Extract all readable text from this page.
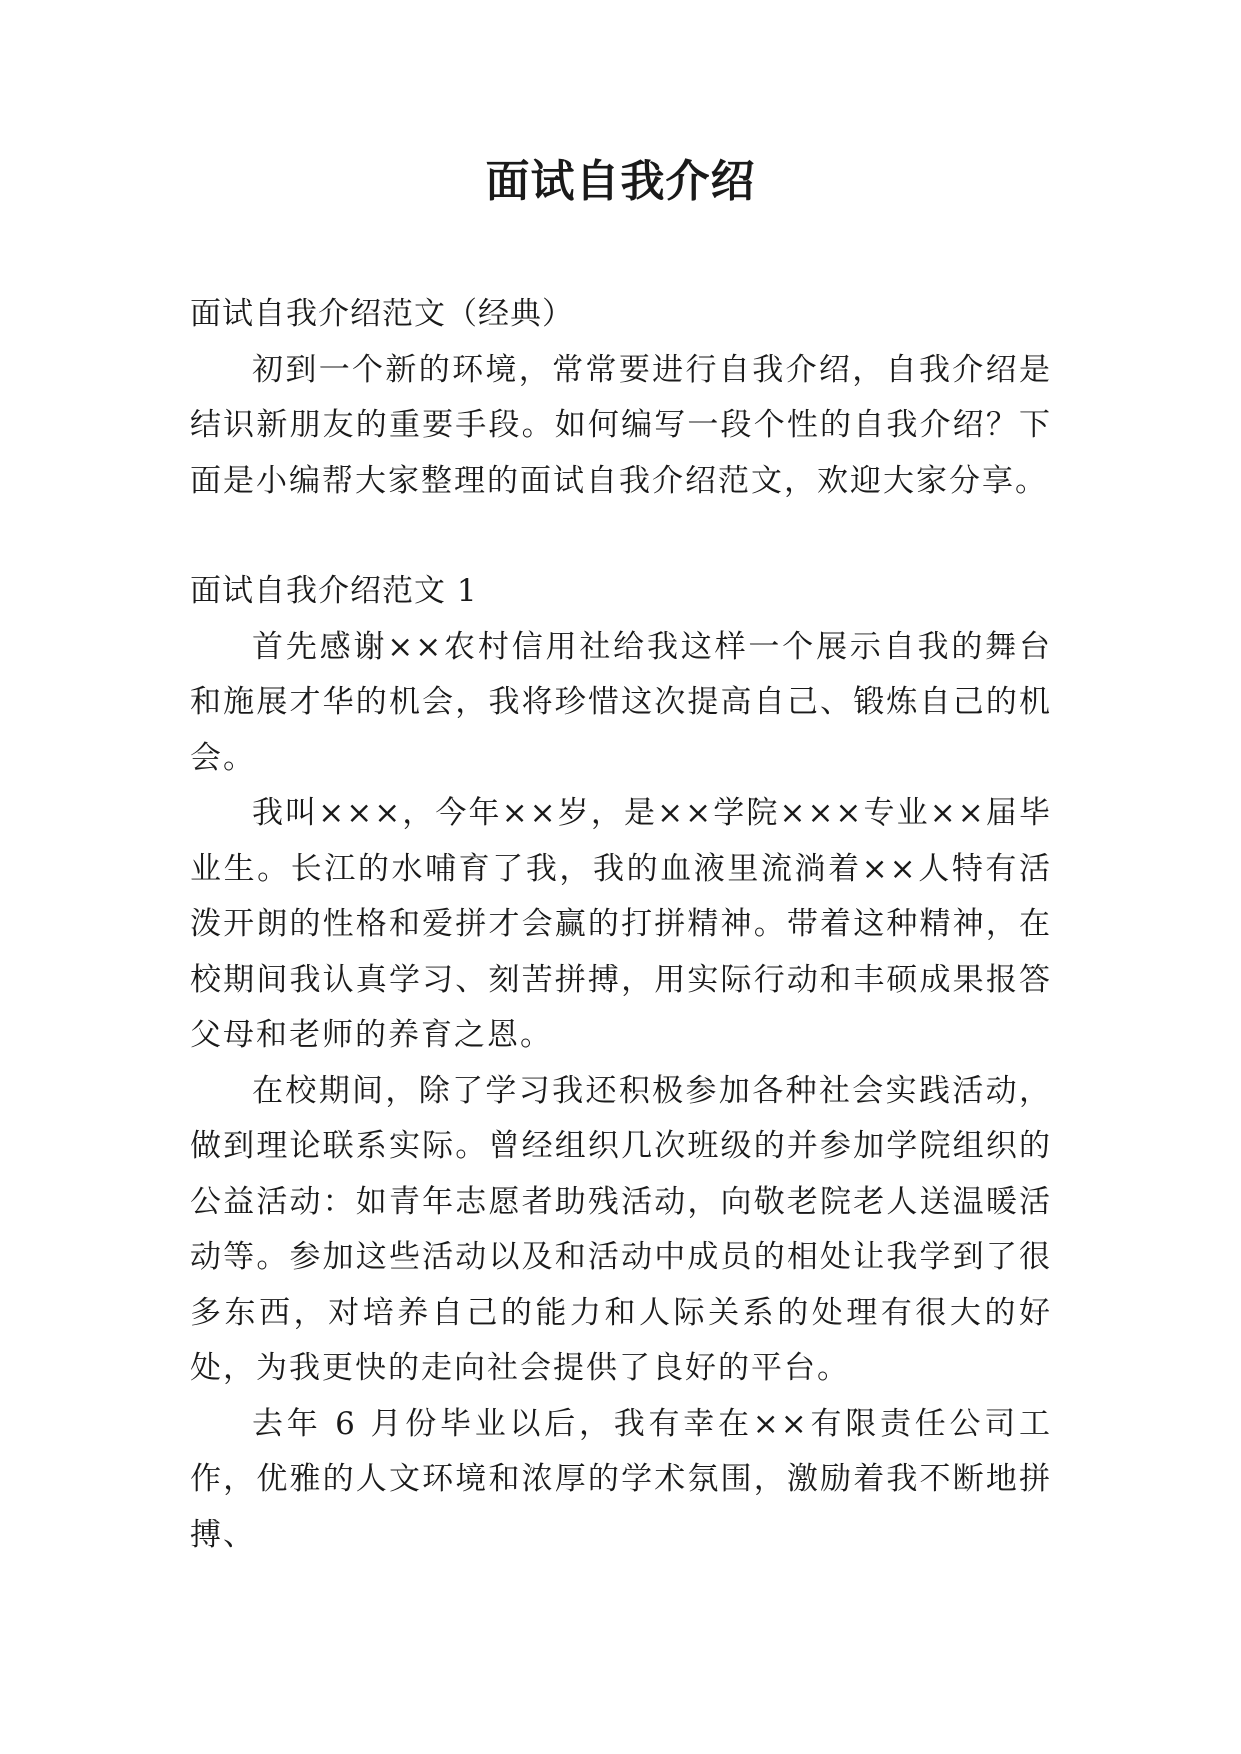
面试自我介绍

面试自我介绍范文（经典）

初到一个新的环境，常常要进行自我介绍，自我介绍是结识新朋友的重要手段。如何编写一段个性的自我介绍？下面是小编帮大家整理的面试自我介绍范文，欢迎大家分享。

面试自我介绍范文 1

首先感谢××农村信用社给我这样一个展示自我的舞台和施展才华的机会，我将珍惜这次提高自己、锻炼自己的机会。

我叫×××，今年××岁，是××学院×××专业××届毕业生。长江的水哺育了我，我的血液里流淌着××人特有活泼开朗的性格和爱拼才会赢的打拼精神。带着这种精神，在校期间我认真学习、刻苦拼搏，用实际行动和丰硕成果报答父母和老师的养育之恩。

在校期间，除了学习我还积极参加各种社会实践活动，做到理论联系实际。曾经组织几次班级的并参加学院组织的公益活动：如青年志愿者助残活动，向敬老院老人送温暖活动等。参加这些活动以及和活动中成员的相处让我学到了很多东西，对培养自己的能力和人际关系的处理有很大的好处，为我更快的走向社会提供了良好的平台。

去年 6 月份毕业以后，我有幸在××有限责任公司工作，优雅的人文环境和浓厚的学术氛围，激励着我不断地拼搏、
